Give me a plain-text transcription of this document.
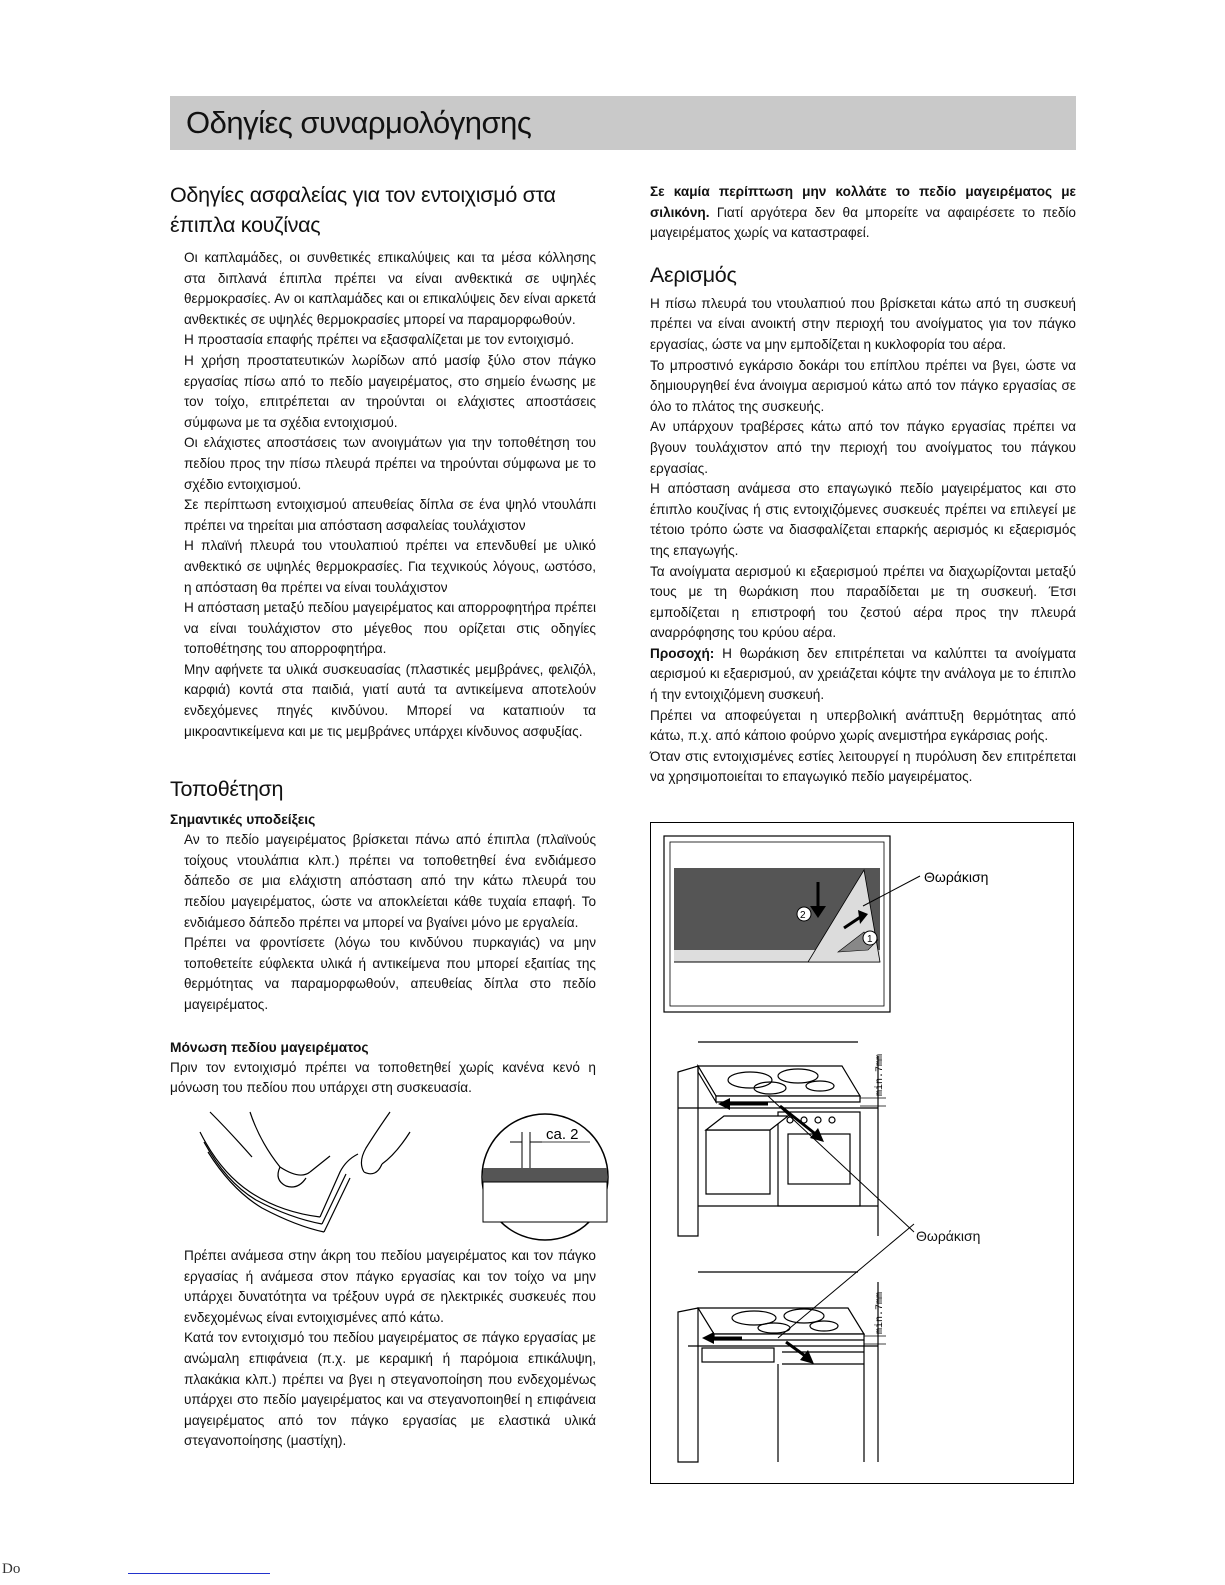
Οδηγίες συναρμολόγησης
Οδηγίες ασφαλείας για τον εντοιχισμό στα έπιπλα κουζίνας

Οι καπλαμάδες, οι συνθετικές επικαλύψεις και τα μέσα κόλλησης στα διπλανά έπιπλα πρέπει να είναι ανθεκτικά σε υψηλές θερμοκρασίες. Αν οι καπλαμάδες και οι επικαλύψεις δεν είναι αρκετά ανθεκτικές σε υψηλές θερμοκρασίες μπορεί να παραμορφωθούν.

Η προστασία επαφής πρέπει να εξασφαλίζεται με τον εντοιχισμό.

Η χρήση προστατευτικών λωρίδων από μασίφ ξύλο στον πάγκο εργασίας πίσω από το πεδίο μαγειρέματος, στο σημείο ένωσης με τον τοίχο, επιτρέπεται αν τηρούνται οι ελάχιστες αποστάσεις σύμφωνα με τα σχέδια εντοιχισμού.

Οι ελάχιστες αποστάσεις των ανοιγμάτων για την τοποθέτηση του πεδίου προς την πίσω πλευρά πρέπει να τηρούνται σύμφωνα με το σχέδιο εντοιχισμού.

Σε περίπτωση εντοιχισμού απευθείας δίπλα σε ένα ψηλό ντουλάπι πρέπει να τηρείται μια απόσταση ασφαλείας τουλάχιστον

Η πλαϊνή πλευρά του ντουλαπιού πρέπει να επενδυθεί με υλικό ανθεκτικό σε υψηλές θερμοκρασίες. Για τεχνικούς λόγους, ωστόσο, η απόσταση θα πρέπει να είναι τουλάχιστον

Η απόσταση μεταξύ πεδίου μαγειρέματος και απορροφητήρα πρέπει να είναι τουλάχιστον στο μέγεθος που ορίζεται στις οδηγίες τοποθέτησης του απορροφητήρα.

Μην αφήνετε τα υλικά συσκευασίας (πλαστικές μεμβράνες, φελιζόλ, καρφιά) κοντά στα παιδιά, γιατί αυτά τα αντικείμενα αποτελούν ενδεχόμενες πηγές κινδύνου. Μπορεί να καταπιούν τα μικροαντικείμενα και με τις μεμβράνες υπάρχει κίνδυνος ασφυξίας.

Τοποθέτηση
Σημαντικές υποδείξεις

Αν το πεδίο μαγειρέματος βρίσκεται πάνω από έπιπλα (πλαϊνούς τοίχους ντουλάπια κλπ.) πρέπει να τοποθετηθεί ένα ενδιάμεσο δάπεδο σε μια ελάχιστη απόσταση από την κάτω πλευρά του πεδίου μαγειρέματος, ώστε να αποκλείεται κάθε τυχαία επαφή. Το ενδιάμεσο δάπεδο πρέπει να μπορεί να βγαίνει μόνο με εργαλεία.

Πρέπει να φροντίσετε (λόγω του κινδύνου πυρκαγιάς) να μην τοποθετείτε εύφλεκτα υλικά ή αντικείμενα που μπορεί εξαιτίας της θερμότητας να παραμορφωθούν, απευθείας δίπλα στο πεδίο μαγειρέματος.

Μόνωση πεδίου μαγειρέματος

Πριν τον εντοιχισμό πρέπει να τοποθετηθεί χωρίς κανένα κενό η μόνωση του πεδίου που υπάρχει στη συσκευασία.

ca. 2

Πρέπει ανάμεσα στην άκρη του πεδίου μαγειρέματος και τον πάγκο εργασίας ή ανάμεσα στον πάγκο εργασίας και τον τοίχο να μην υπάρχει δυνατότητα να τρέξουν υγρά σε ηλεκτρικές συσκευές που ενδεχομένως είναι εντοιχισμένες από κάτω.

Κατά τον εντοιχισμό του πεδίου μαγειρέματος σε πάγκο εργασίας με ανώμαλη επιφάνεια (π.χ. με κεραμική ή παρόμοια επικάλυψη, πλακάκια κλπ.) πρέπει να βγει η στεγανοποίηση που ενδεχομένως υπάρχει στο πεδίο μαγειρέματος και να στεγανοποιηθεί η επιφάνεια μαγειρέματος από τον πάγκο εργασίας με ελαστικά υλικά στεγανοποίησης (μαστίχη).

Σε καμία περίπτωση μην κολλάτε το πεδίο μαγειρέματος με σιλικόνη. Γιατί αργότερα δεν θα μπορείτε να αφαιρέσετε το πεδίο μαγειρέματος χωρίς να καταστραφεί.

Αερισμός

Η πίσω πλευρά του ντουλαπιού που βρίσκεται κάτω από τη συσκευή πρέπει να είναι ανοικτή στην περιοχή του ανοίγματος για τον πάγκο εργασίας, ώστε να μην εμποδίζεται η κυκλοφορία του αέρα.

Το μπροστινό εγκάρσιο δοκάρι του επίπλου πρέπει να βγει, ώστε να δημιουργηθεί ένα άνοιγμα αερισμού κάτω από τον πάγκο εργασίας σε όλο το πλάτος της συσκευής.

Αν υπάρχουν τραβέρσες κάτω από τον πάγκο εργασίας πρέπει να βγουν τουλάχιστον από την περιοχή του ανοίγματος του πάγκου εργασίας.

Η απόσταση ανάμεσα στο επαγωγικό πεδίο μαγειρέματος και στο έπιπλο κουζίνας ή στις εντοιχιζόμενες συσκευές πρέπει να επιλεγεί με τέτοιο τρόπο ώστε να διασφαλίζεται επαρκής αερισμός κι εξαερισμός της επαγωγής.

Τα ανοίγματα αερισμού κι εξαερισμού πρέπει να διαχωρίζονται μεταξύ τους με τη θωράκιση που παραδίδεται με τη συσκευή. Έτσι εμποδίζεται η επιστροφή του ζεστού αέρα προς την πλευρά αναρρόφησης του κρύου αέρα.

Προσοχή: Η θωράκιση δεν επιτρέπεται να καλύπτει τα ανοίγματα αερισμού κι εξαερισμού, αν χρειάζεται κόψτε την ανάλογα με το έπιπλο ή την εντοιχιζόμενη συσκευή.

Πρέπει να αποφεύγεται η υπερβολική ανάπτυξη θερμότητας από κάτω, π.χ. από κάποιο φούρνο χωρίς ανεμιστήρα εγκάρσιας ροής.

Όταν στις εντοιχισμένες εστίες λειτουργεί η πυρόλυση δεν επιτρέπεται να χρησιμοποιείται το επαγωγικό πεδίο μαγειρέματος.

2
1
Θωράκιση
min.7mm
Θωράκιση
min.7mm
Do
